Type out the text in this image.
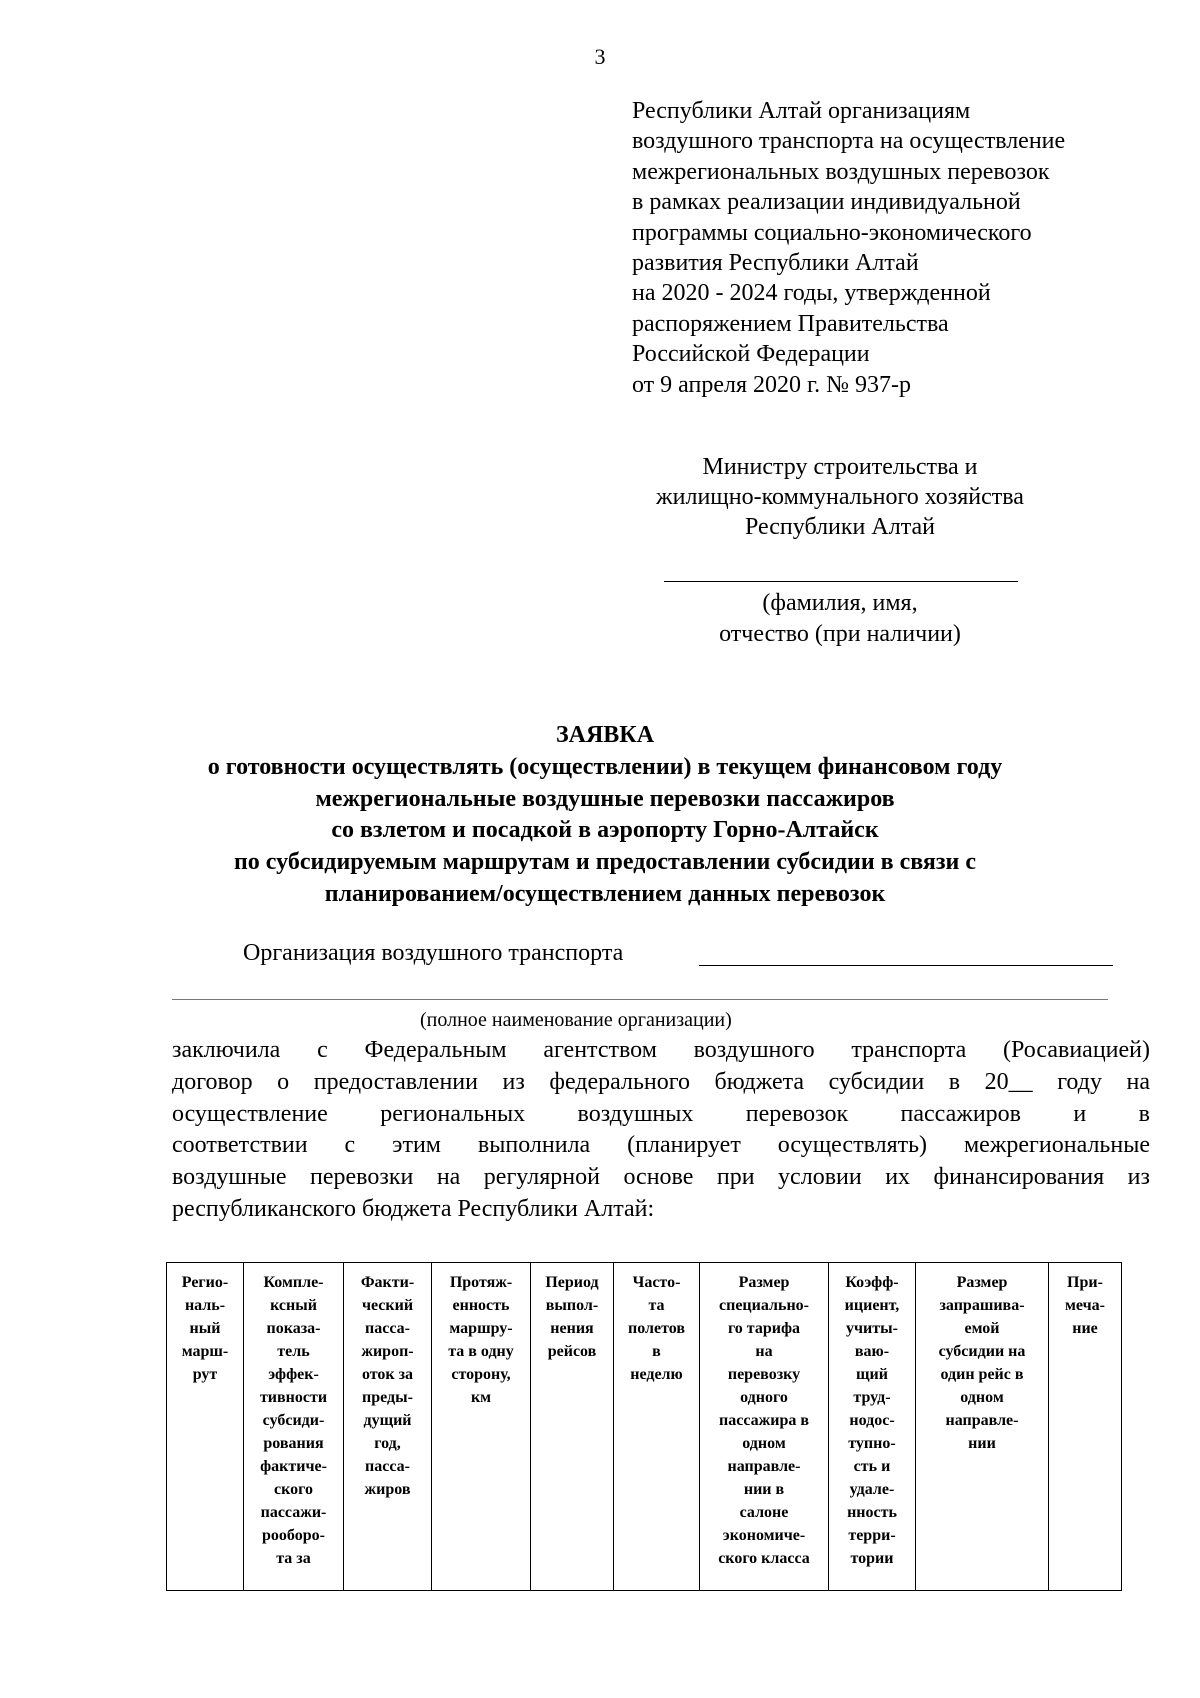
3
Республики Алтай организациям
воздушного транспорта на осуществление
межрегиональных воздушных перевозок
в рамках реализации индивидуальной
программы социально-экономического
развития Республики Алтай
на 2020 - 2024 годы, утвержденной
распоряжением Правительства
Российской Федерации
от 9 апреля 2020 г. № 937-р
Министру строительства и
жилищно-коммунального хозяйства
Республики Алтай
(фамилия, имя,
отчество (при наличии)
ЗАЯВКА
о готовности осуществлять (осуществлении) в текущем финансовом году
межрегиональные воздушные перевозки пассажиров
со взлетом и посадкой в аэропорту Горно-Алтайск
по субсидируемым маршрутам и предоставлении субсидии в связи с
планированием/осуществлением данных перевозок
Организация воздушного транспорта
(полное наименование организации)
заключила с Федеральным агентством воздушного транспорта (Росавиацией)
договор о предоставлении из федерального бюджета субсидии в 20__ году на
осуществление региональных воздушных перевозок пассажиров и в
соответствии с этим выполнила (планирует осуществлять) межрегиональные
воздушные перевозки на регулярной основе при условии их финансирования из
республиканского бюджета Республики Алтай:
Регио-
наль-
ный
марш-
рут

Компле-
ксный
показа-
тель
эффек-
тивности
субсиди-
рования
фактиче-
ского
пассажи-
рооборо-
та за

Факти-
ческий
пасса-
жироп-
оток за
преды-
дущий
год,
пасса-
жиров

Протяж-
енность
маршру-
та в одну
сторону,
км

Период
выпол-
нения
рейсов

Часто-
та
полетов
в
неделю

Размер
специально-
го тарифа
на
перевозку
одного
пассажира в
одном
направле-
нии в
салоне
экономиче-
ского класса

Коэфф-
ициент,
учиты-
ваю-
щий
труд-
нодос-
тупно-
сть и
удале-
нность
терри-
тории

Размер
запрашива-
емой
субсидии на
один рейс в
одном
направле-
нии

При-
меча-
ние
